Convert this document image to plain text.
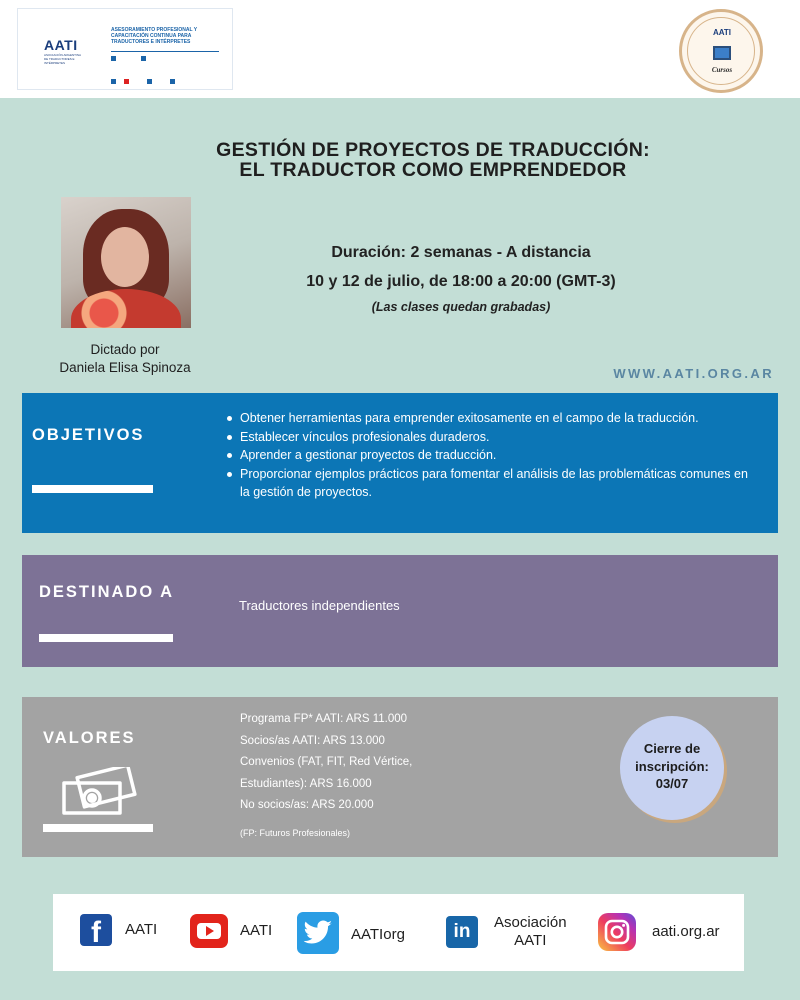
AATI
ASOCIACIÓN ARGENTINA DE TRADUCTORES E INTÉRPRETES
ASESORAMIENTO PROFESIONAL Y CAPACITACIÓN CONTINUA PARA TRADUCTORES E INTÉRPRETES

AATI
Cursos
GESTIÓN DE PROYECTOS DE TRADUCCIÓN:
EL TRADUCTOR COMO EMPRENDEDOR
Dictado por
Daniela Elisa Spinoza
Duración: 2 semanas - A distancia
10 y 12 de julio, de 18:00 a 20:00 (GMT-3)
(Las clases quedan grabadas)
WWW.AATI.ORG.AR
OBJETIVOS
Obtener herramientas para emprender exitosamente en el campo de la traducción.
Establecer vínculos profesionales duraderos.
Aprender a gestionar proyectos de traducción.
Proporcionar ejemplos prácticos para fomentar el análisis de las problemáticas comunes en la gestión de proyectos.
DESTINADO A
Traductores independientes
VALORES
Programa FP* AATI: ARS 11.000
Socios/as AATI: ARS 13.000
Convenios (FAT, FIT, Red Vértice,
Estudiantes): ARS 16.000
No socios/as: ARS 20.000
(FP: Futuros Profesionales)
Cierre de
inscripción:
03/07
f AATI	AATI	AATIorg	in Asociación
AATI
aati.org.ar
